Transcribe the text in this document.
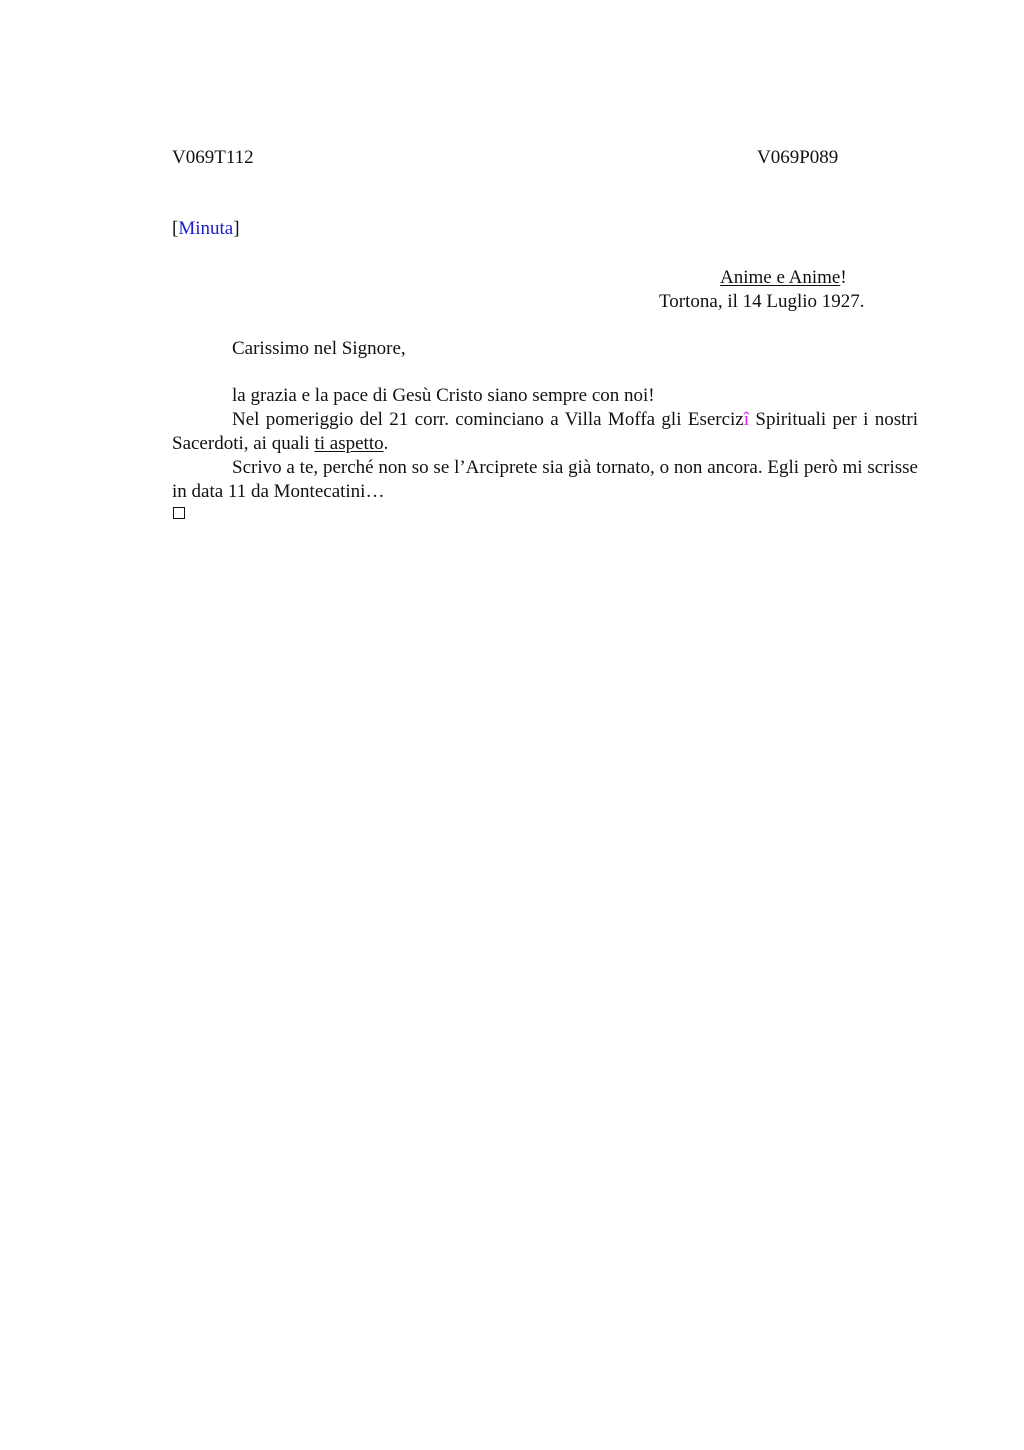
V069T112	V069P089
[Minuta]
Anime e Anime!
Tortona, il 14 Luglio 1927.
Carissimo nel Signore,

la grazia e la pace di Gesù Cristo siano sempre con noi!

Nel pomeriggio del 21 corr. cominciano a Villa Moffa gli Esercizî Spirituali per i nostri Sacerdoti, ai quali ti aspetto.

Scrivo a te, perché non so se l’Arciprete sia già tornato, o non ancora. Egli però mi scrisse in data 11 da Montecatini…
